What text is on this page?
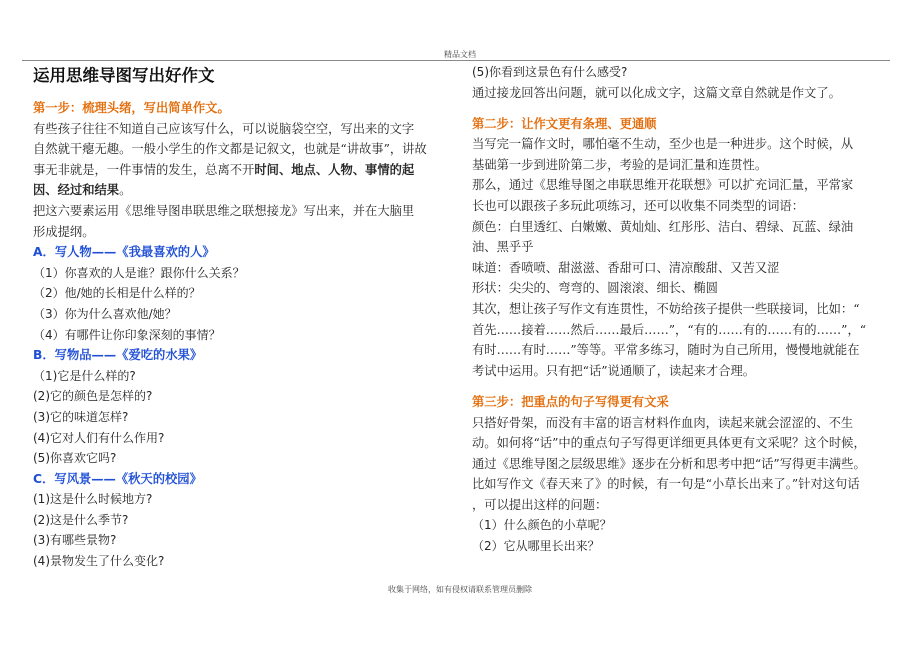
精品文档
运用思维导图写出好作文
第一步：梳理头绪，写出简单作文。
有些孩子往往不知道自己应该写什么，可以说脑袋空空，写出来的文字
自然就干瘪无趣。一般小学生的作文都是记叙文，也就是“讲故事”，讲故
事无非就是，一件事情的发生，总离不开时间、地点、人物、事情的起
因、经过和结果。
把这六要素运用《思维导图串联思维之联想接龙》写出来，并在大脑里
形成提纲。
A．写人物——《我最喜欢的人》
（1）你喜欢的人是谁？跟你什么关系？
（2）他/她的长相是什么样的？
（3）你为什么喜欢他/她？
（4）有哪件让你印象深刻的事情？
B．写物品——《爱吃的水果》
（1)它是什么样的?
(2)它的颜色是怎样的?
(3)它的味道怎样?
(4)它对人们有什么作用?
(5)你喜欢它吗?
C．写风景——《秋天的校园》
(1)这是什么时候地方?
(2)这是什么季节?
(3)有哪些景物?
(4)景物发生了什么变化?
(5)你看到这景色有什么感受?
通过接龙回答出问题，就可以化成文字，这篇文章自然就是作文了。
第二步：让作文更有条理、更通顺
当写完一篇作文时，哪怕毫不生动，至少也是一种进步。这个时候，从
基础第一步到进阶第二步，考验的是词汇量和连贯性。
那么，通过《思维导图之串联思维开花联想》可以扩充词汇量，平常家
长也可以跟孩子多玩此项练习，还可以收集不同类型的词语：
颜色：白里透红、白嫩嫩、黄灿灿、红彤彤、洁白、碧绿、瓦蓝、绿油
油、黑乎乎
味道：香喷喷、甜滋滋、香甜可口、清凉酸甜、又苦又涩
形状：尖尖的、弯弯的、圆滚滚、细长、椭圆
其次，想让孩子写作文有连贯性，不妨给孩子提供一些联接词，比如：“
首先……接着……然后……最后……”，“有的……有的……有的……”，“
有时……有时……”等等。平常多练习，随时为自己所用，慢慢地就能在
考试中运用。只有把“话”说通顺了，读起来才合理。
第三步：把重点的句子写得更有文采
只搭好骨架，而没有丰富的语言材料作血肉，读起来就会涩涩的、不生
动。如何将“话”中的重点句子写得更详细更具体更有文采呢？这个时候，
通过《思维导图之层级思维》逐步在分析和思考中把“话”写得更丰满些。
比如写作文《春天来了》的时候，有一句是“小草长出来了。”针对这句话
，可以提出这样的问题：
（1）什么颜色的小草呢？
（2）它从哪里长出来？
收集于网络，如有侵权请联系管理员删除
